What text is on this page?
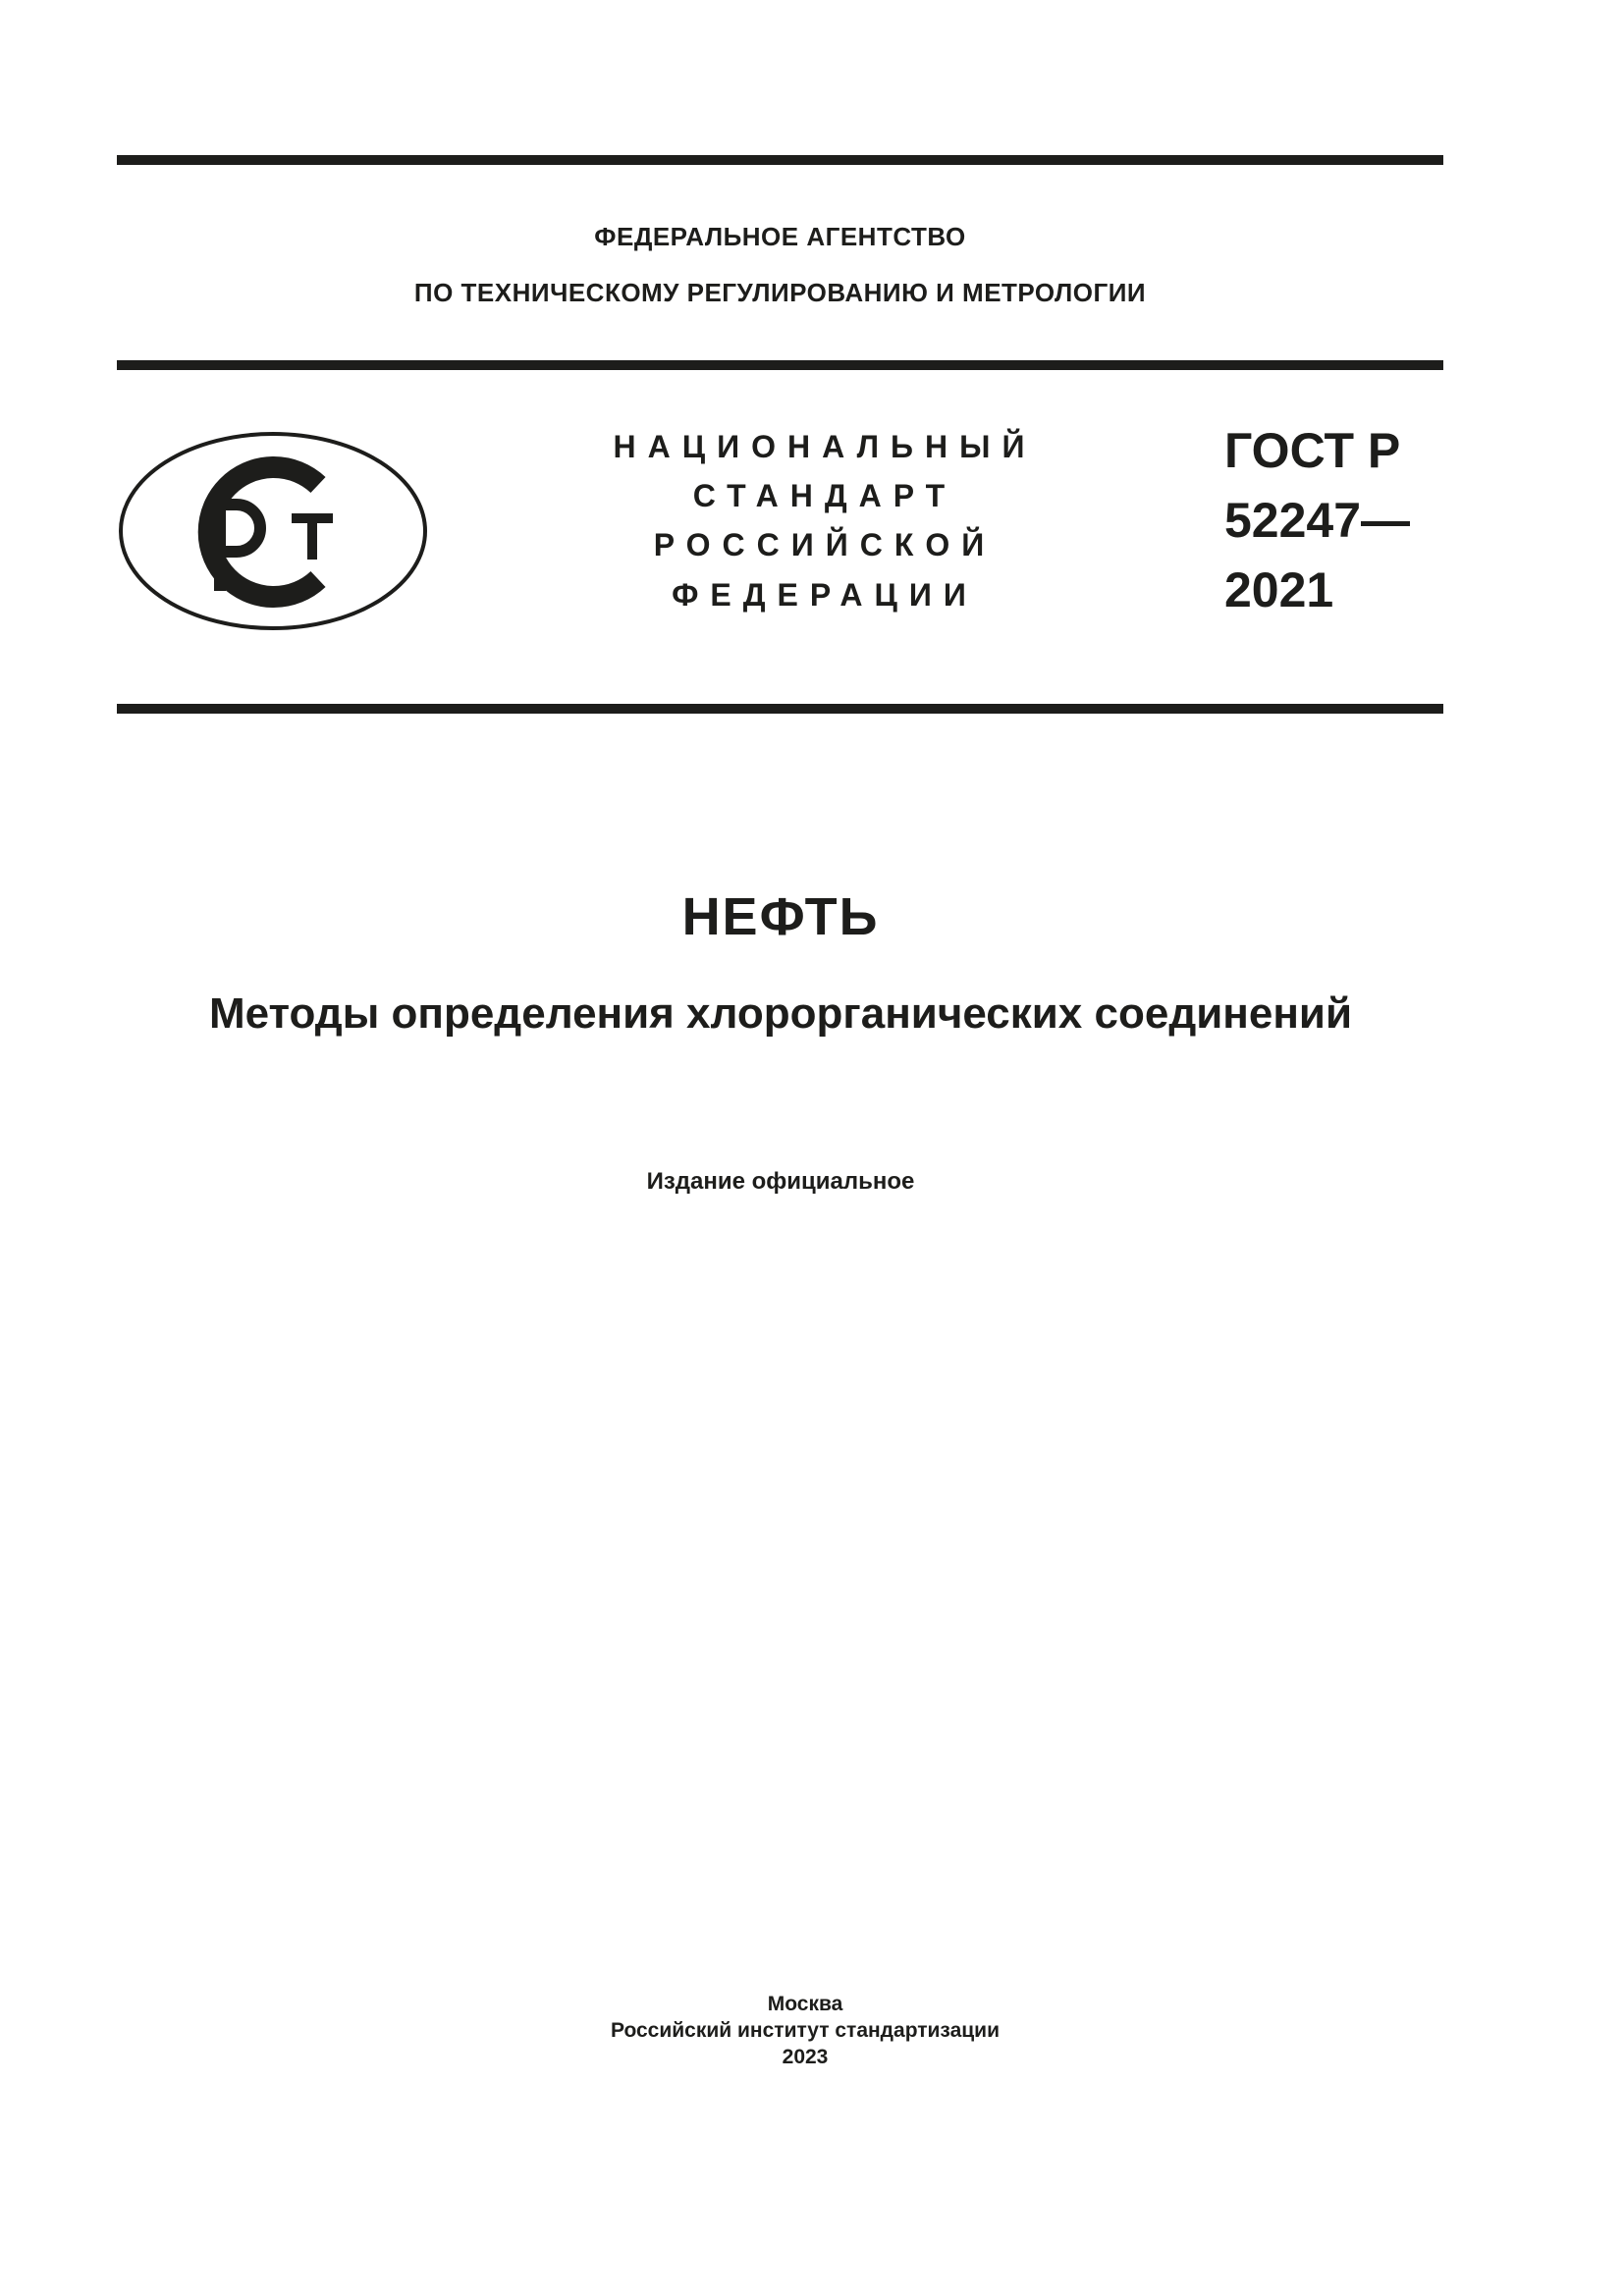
ФЕДЕРАЛЬНОЕ АГЕНТСТВО
ПО ТЕХНИЧЕСКОМУ РЕГУЛИРОВАНИЮ И МЕТРОЛОГИИ
НАЦИОНАЛЬНЫЙ
СТАНДАРТ
РОССИЙСКОЙ
ФЕДЕРАЦИИ
ГОСТ Р
52247—
2021
НЕФТЬ
Методы определения хлорорганических соединений
Издание официальное
Москва
Российский институт стандартизации
2023
